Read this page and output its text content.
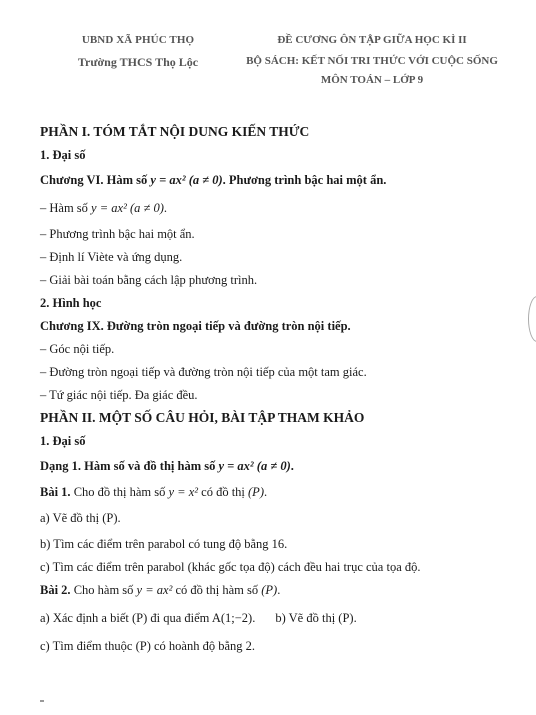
UBND XÃ PHÚC THỌ
Trường THCS Thọ Lộc
ĐỀ CƯƠNG ÔN TẬP GIỮA HỌC KÌ II
BỘ SÁCH: KẾT NỐI TRI THỨC VỚI CUỘC SỐNG
MÔN TOÁN – LỚP 9
PHẦN I. TÓM TẮT NỘI DUNG KIẾN THỨC
1. Đại số
Chương VI. Hàm số y = ax² (a ≠ 0). Phương trình bậc hai một ẩn.
– Hàm số y = ax² (a ≠ 0).
– Phương trình bậc hai một ẩn.
– Định lí Viète và ứng dụng.
– Giải bài toán bằng cách lập phương trình.
2. Hình học
Chương IX. Đường tròn ngoại tiếp và đường tròn nội tiếp.
– Góc nội tiếp.
– Đường tròn ngoại tiếp và đường tròn nội tiếp của một tam giác.
– Tứ giác nội tiếp. Đa giác đều.
PHẦN II. MỘT SỐ CÂU HỎI, BÀI TẬP THAM KHẢO
1. Đại số
Dạng 1. Hàm số và đồ thị hàm số y = ax² (a ≠ 0).
Bài 1. Cho đồ thị hàm số y = x² có đồ thị (P).
a) Vẽ đồ thị (P).
b) Tìm các điểm trên parabol có tung độ bằng 16.
c) Tìm các điểm trên parabol (khác gốc tọa độ) cách đều hai trục của tọa độ.
Bài 2. Cho hàm số y = ax² có đồ thị hàm số (P).
a) Xác định a biết (P) đi qua điểm A(1;−2). b) Vẽ đồ thị (P).
c) Tìm điểm thuộc (P) có hoành độ bằng 2.
